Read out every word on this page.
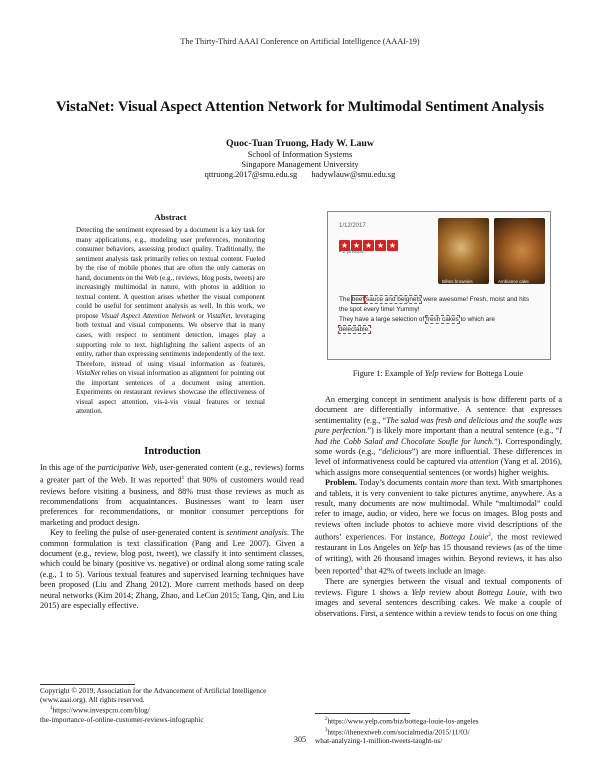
The Thirty-Third AAAI Conference on Artificial Intelligence (AAAI-19)
VistaNet: Visual Aspect Attention Network for Multimodal Sentiment Analysis
Quoc-Tuan Truong, Hady W. Lauw
School of Information Systems
Singapore Management University
qttruong.2017@smu.edu.sg hadywlauw@smu.edu.sg
Abstract
Detecting the sentiment expressed by a document is a key task for many applications, e.g., modeling user preferences, monitoring consumer behaviors, assessing product quality. Traditionally, the sentiment analysis task primarily relies on textual content. Fueled by the rise of mobile phones that are often the only cameras on hand, documents on the Web (e.g., reviews, blog posts, tweets) are increasingly multimodal in nature, with photos in addition to textual content. A question arises whether the visual component could be useful for sentiment analysis as well. In this work, we propose Visual Aspect Attention Network or VistaNet, leveraging both textual and visual components. We observe that in many cases, with respect to sentiment detection, images play a supporting role to text, highlighting the salient aspects of an entity, rather than expressing sentiments independently of the text. Therefore, instead of using visual information as features, VistaNet relies on visual information as alignment for pointing out the important sentences of a document using attention. Experiments on restaurant reviews showcase the effectiveness of visual aspect attention, vis-à-vis visual features or textual attention.
Introduction

In this age of the participative Web, user-generated content (e.g., reviews) forms a greater part of the Web. It was reported$^1$ that 90% of customers would read reviews before visiting a business, and 88% trust those reviews as much as recommendations from acquaintances. Businesses want to learn user preferences for recommendations, or monitor consumer perceptions for marketing and product design.

Key to feeling the pulse of user-generated content is sentiment analysis. The common formulation is text classification (Pang and Lee 2007). Given a document (e.g., review, blog post, tweet), we classify it into sentiment classes, which could be binary (positive vs. negative) or ordinal along some rating scale (e.g., 1 to 5). Various textual features and supervised learning techniques have been proposed (Liu and Zhang 2012). More current methods based on deep neural networks (Kim 2014; Zhang, Zhao, and LeCun 2015; Tang, Qin, and Liu 2015) are especially effective.

Copyright © 2019, Association for the Advancement of Artificial Intelligence (www.aaai.org). All rights reserved.
$^1$https://www.invespcro.com/blog/
the-importance-of-online-customer-reviews-infographic
1/12/2017
★ ★ ★ ★ ★
▪ 2 photos
Bêtes brownies	Ambiance cake
The beef sauce and beignets were awesome! Fresh, moist and hits
the spot every time! Yummy!
They have a large selection of fresh cakes to which are
delectable.
Figure 1: Example of Yelp review for Bottega Louie

An emerging concept in sentiment analysis is how different parts of a document are differentially informative. A sentence that expresses sentimentality (e.g., “The salad was fresh and delicious and the soufle was pure perfection.”) is likely more important than a neutral sentence (e.g., “I had the Cobb Salad and Chocolate Soufle for lunch.”). Correspondingly, some words (e.g., “delicious”) are more influential. These differences in level of informativeness could be captured via attention (Yang et al. 2016), which assigns more consequential sentences (or words) higher weights.

Problem. Today’s documents contain more than text. With smartphones and tablets, it is very convenient to take pictures anytime, anywhere. As a result, many documents are now multimodal. While “multimodal” could refer to image, audio, or video, here we focus on images. Blog posts and reviews often include photos to achieve more vivid descriptions of the authors’ experiences. For instance, Bottega Louie$^2$, the most reviewed restaurant in Los Angeles on Yelp has 15 thousand reviews (as of the time of writing), with 26 thousand images within. Beyond reviews, it has also been reported$^3$ that 42% of tweets include an image.

There are synergies between the visual and textual components of reviews. Figure 1 shows a Yelp review about Bottega Louie, with two images and several sentences describing cakes. We make a couple of observations. First, a sentence within a review tends to focus on one thing

$^2$https://www.yelp.com/biz/bottega-louie-los-angeles
$^3$https://thenextweb.com/socialmedia/2015/11/03/
what-analyzing-1-million-tweets-taught-us/
305
